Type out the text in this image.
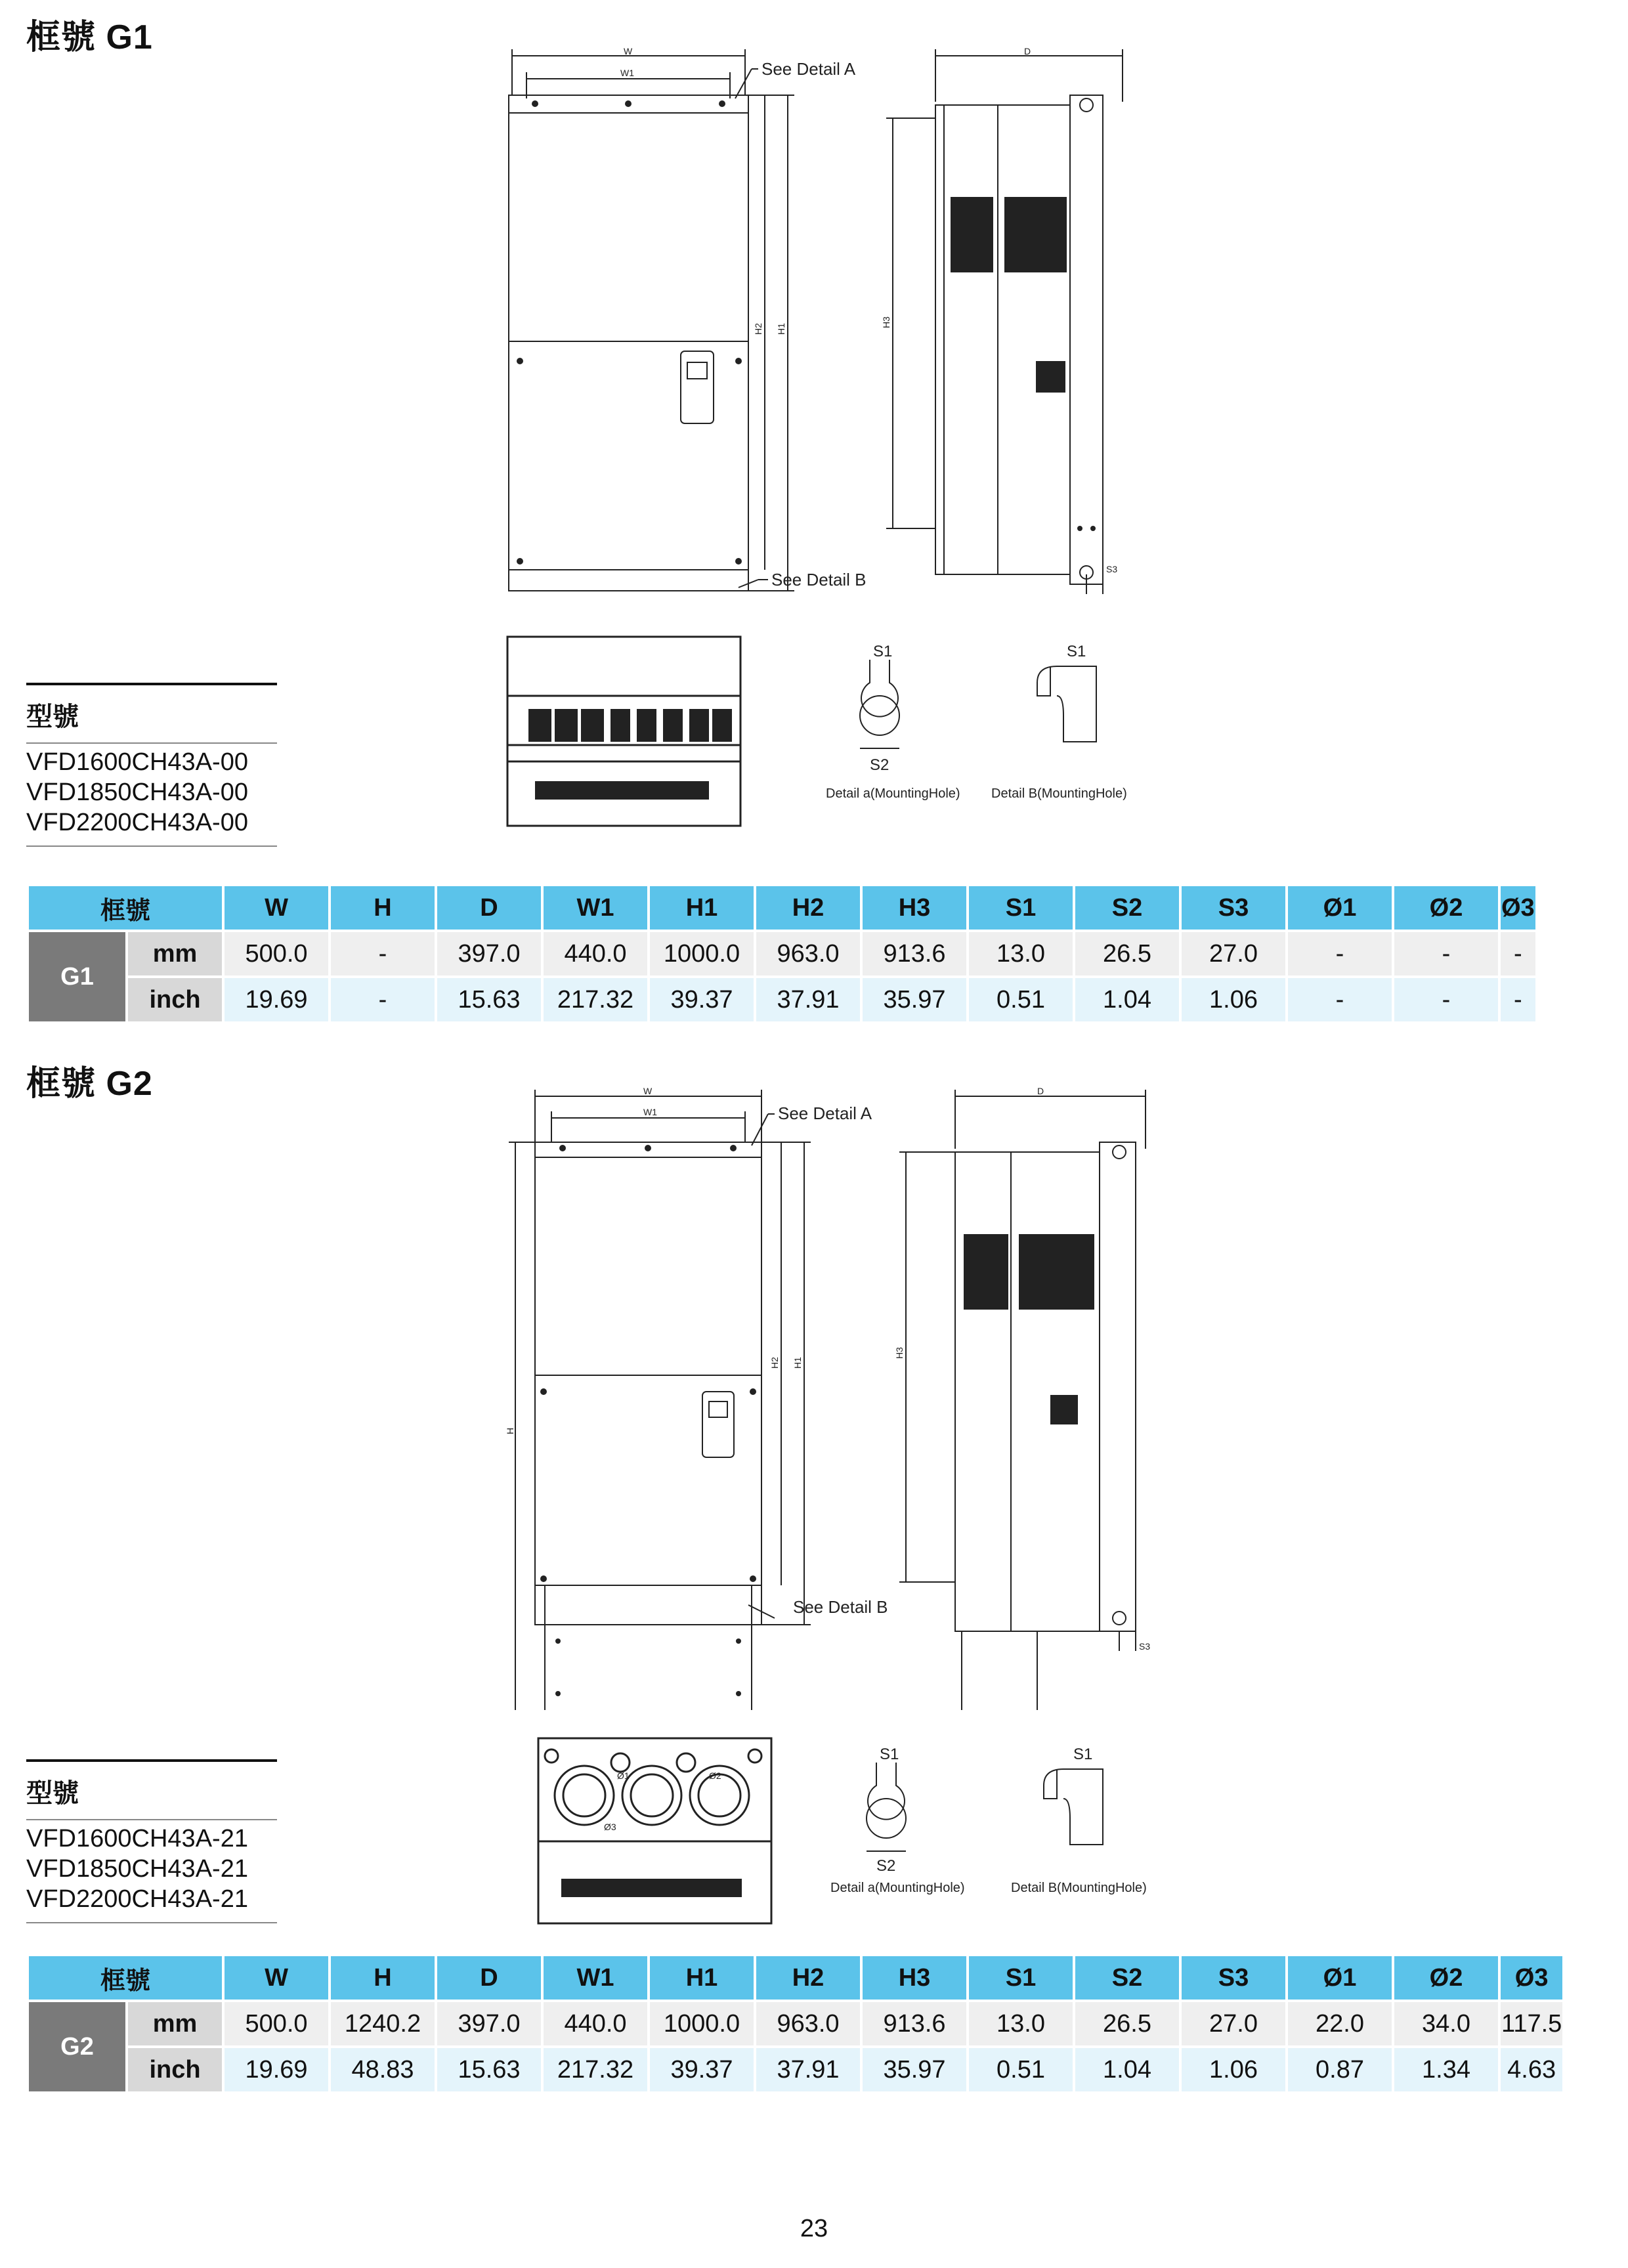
框號 G1	W
W1
D
H2 H1
H3
S3
See Detail A
See Detail B
S1
S2
S1
Detail a(MountingHole) Detail B(MountingHole)
型號
VFD1600CH43A-00
VFD1850CH43A-00
VFD2200CH43A-00
框號		W	H	D	W1	H1	H2	H3	S1	S2	S3	Ø1	Ø2	Ø3
G1	mm	500.0	-	397.0	440.0	1000.0	963.0	913.6	13.0	26.5	27.0	-	-	-
	inch	19.69	-	15.63	217.32	39.37	37.91	35.97	0.51	1.04	1.06	-	-	-
框號 G2	W
W1
D
H
H2 H1
H3
S3
See Detail A
See Detail B
S1
S2
S1
Detail a(MountingHole)	Detail B(MountingHole)
Ø1	Ø2
Ø3
型號
VFD1600CH43A-21
VFD1850CH43A-21
VFD2200CH43A-21
框號		W	H	D	W1	H1	H2	H3	S1	S2	S3	Ø1	Ø2	Ø3
G2	mm	500.0	1240.2	397.0	440.0	1000.0	963.0	913.6	13.0	26.5	27.0	22.0	34.0	117.5
	inch	19.69	48.83	15.63	217.32	39.37	37.91	35.97	0.51	1.04	1.06	0.87	1.34	4.63
23
